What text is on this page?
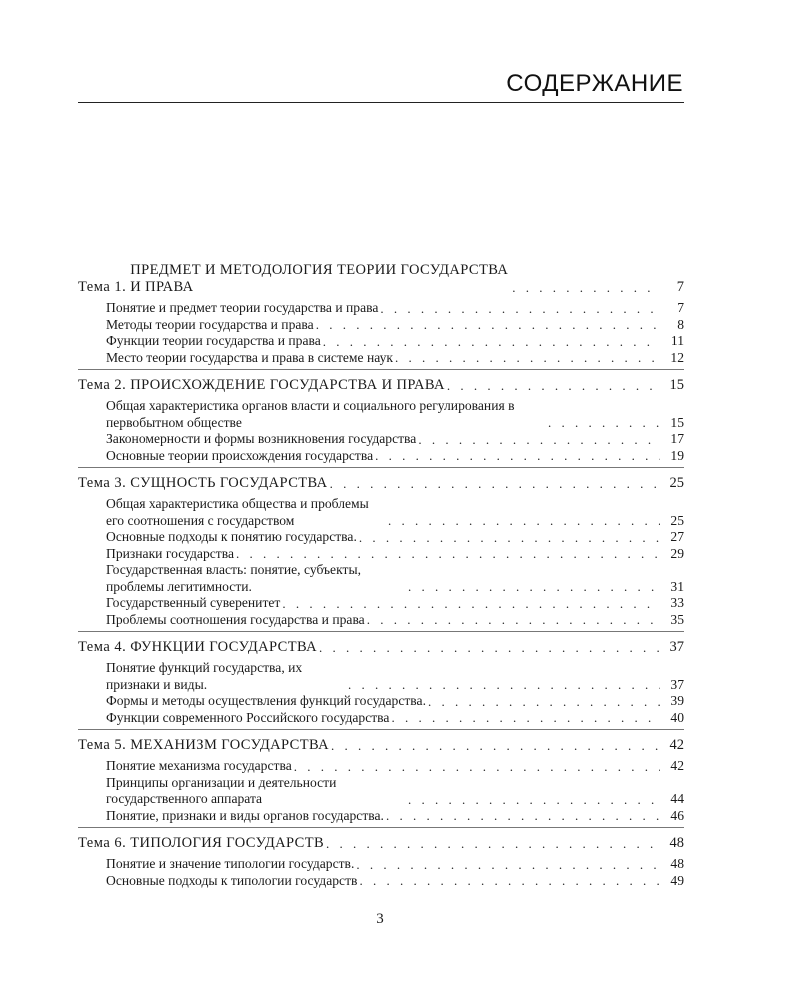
СОДЕРЖАНИЕ
Тема 1.
ПРЕДМЕТ И МЕТОДОЛОГИЯ ТЕОРИИ ГОСУДАРСТВА И ПРАВА . . .	7
Понятие и предмет теории государства и права . . .	7
Методы теории государства и права . . .	8
Функции теории государства и права . . .	11
Место теории государства и права в системе наук . . .	12
Тема 2. ПРОИСХОЖДЕНИЕ ГОСУДАРСТВА И ПРАВА . . .	15
Общая характеристика органов власти и социального регулирования в первобытном обществе . . .	15
Закономерности и формы возникновения государства . . .	17
Основные теории происхождения государства . . .	19
Тема 3. СУЩНОСТЬ ГОСУДАРСТВА . . .	25
Общая характеристика общества и проблемы его соотношения с государством . . .	25
Основные подходы к понятию государства. . . .	27
Признаки государства . . .	29
Государственная власть: понятие, субъекты, проблемы легитимности. . . .	31
Государственный суверенитет . . .	33
Проблемы соотношения государства и права . . .	35
Тема 4. ФУНКЦИИ ГОСУДАРСТВА . . .	37
Понятие функций государства, их признаки и виды. . . .	37
Формы и методы осуществления функций государства. . . .	39
Функции современного Российского государства . . .	40
Тема 5. МЕХАНИЗМ ГОСУДАРСТВА . . .	42
Понятие механизма государства . . .	42
Принципы организации и деятельности государственного аппарата . . .	44
Понятие, признаки и виды органов государства. . . .	46
Тема 6. ТИПОЛОГИЯ ГОСУДАРСТВ . . .	48
Понятие и значение типологии государств. . . .	48
Основные подходы к типологии государств . . .	49
3
